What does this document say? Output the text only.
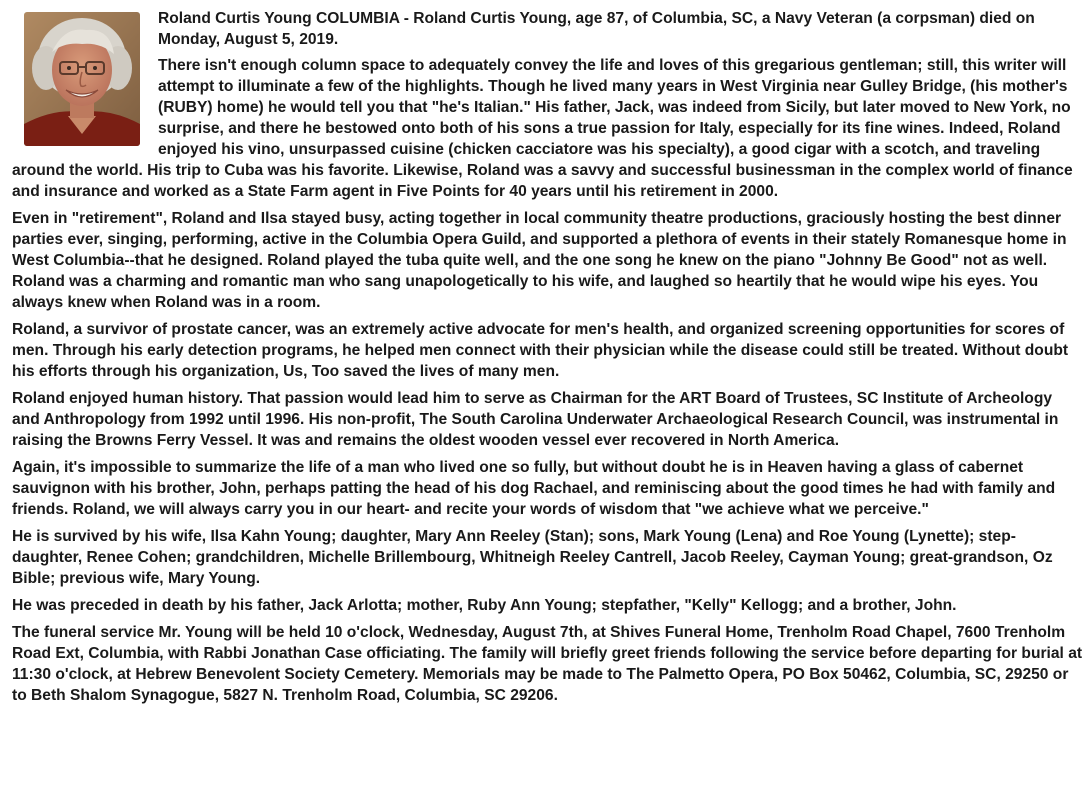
Roland Curtis Young COLUMBIA - Roland Curtis Young, age 87, of Columbia, SC, a Navy Veteran (a corpsman) died on Monday, August 5, 2019.

There isn't enough column space to adequately convey the life and loves of this gregarious gentleman; still, this writer will attempt to illuminate a few of the highlights. Though he lived many years in West Virginia near Gulley Bridge, (his mother's (RUBY) home) he would tell you that "he's Italian." His father, Jack, was indeed from Sicily, but later moved to New York, no surprise, and there he bestowed onto both of his sons a true passion for Italy, especially for its fine wines. Indeed, Roland enjoyed his vino, unsurpassed cuisine (chicken cacciatore was his specialty), a good cigar with a scotch, and traveling around the world. His trip to Cuba was his favorite. Likewise, Roland was a savvy and successful businessman in the complex world of finance and insurance and worked as a State Farm agent in Five Points for 40 years until his retirement in 2000.

Even in "retirement", Roland and Ilsa stayed busy, acting together in local community theatre productions, graciously hosting the best dinner parties ever, singing, performing, active in the Columbia Opera Guild, and supported a plethora of events in their stately Romanesque home in West Columbia--that he designed. Roland played the tuba quite well, and the one song he knew on the piano "Johnny Be Good" not as well. Roland was a charming and romantic man who sang unapologetically to his wife, and laughed so heartily that he would wipe his eyes. You always knew when Roland was in a room.

Roland, a survivor of prostate cancer, was an extremely active advocate for men's health, and organized screening opportunities for scores of men. Through his early detection programs, he helped men connect with their physician while the disease could still be treated. Without doubt his efforts through his organization, Us, Too saved the lives of many men.

Roland enjoyed human history. That passion would lead him to serve as Chairman for the ART Board of Trustees, SC Institute of Archeology and Anthropology from 1992 until 1996. His non-profit, The South Carolina Underwater Archaeological Research Council, was instrumental in raising the Browns Ferry Vessel. It was and remains the oldest wooden vessel ever recovered in North America.

Again, it's impossible to summarize the life of a man who lived one so fully, but without doubt he is in Heaven having a glass of cabernet sauvignon with his brother, John, perhaps patting the head of his dog Rachael, and reminiscing about the good times he had with family and friends. Roland, we will always carry you in our heart- and recite your words of wisdom that "we achieve what we perceive."

He is survived by his wife, Ilsa Kahn Young; daughter, Mary Ann Reeley (Stan); sons, Mark Young (Lena) and Roe Young (Lynette); step-daughter, Renee Cohen; grandchildren, Michelle Brillembourg, Whitneigh Reeley Cantrell, Jacob Reeley, Cayman Young; great-grandson, Oz Bible; previous wife, Mary Young.

He was preceded in death by his father, Jack Arlotta; mother, Ruby Ann Young; stepfather, "Kelly" Kellogg; and a brother, John.

The funeral service Mr. Young will be held 10 o'clock, Wednesday, August 7th, at Shives Funeral Home, Trenholm Road Chapel, 7600 Trenholm Road Ext, Columbia, with Rabbi Jonathan Case officiating. The family will briefly greet friends following the service before departing for burial at 11:30 o'clock, at Hebrew Benevolent Society Cemetery. Memorials may be made to The Palmetto Opera, PO Box 50462, Columbia, SC, 29250 or to Beth Shalom Synagogue, 5827 N. Trenholm Road, Columbia, SC 29206.
